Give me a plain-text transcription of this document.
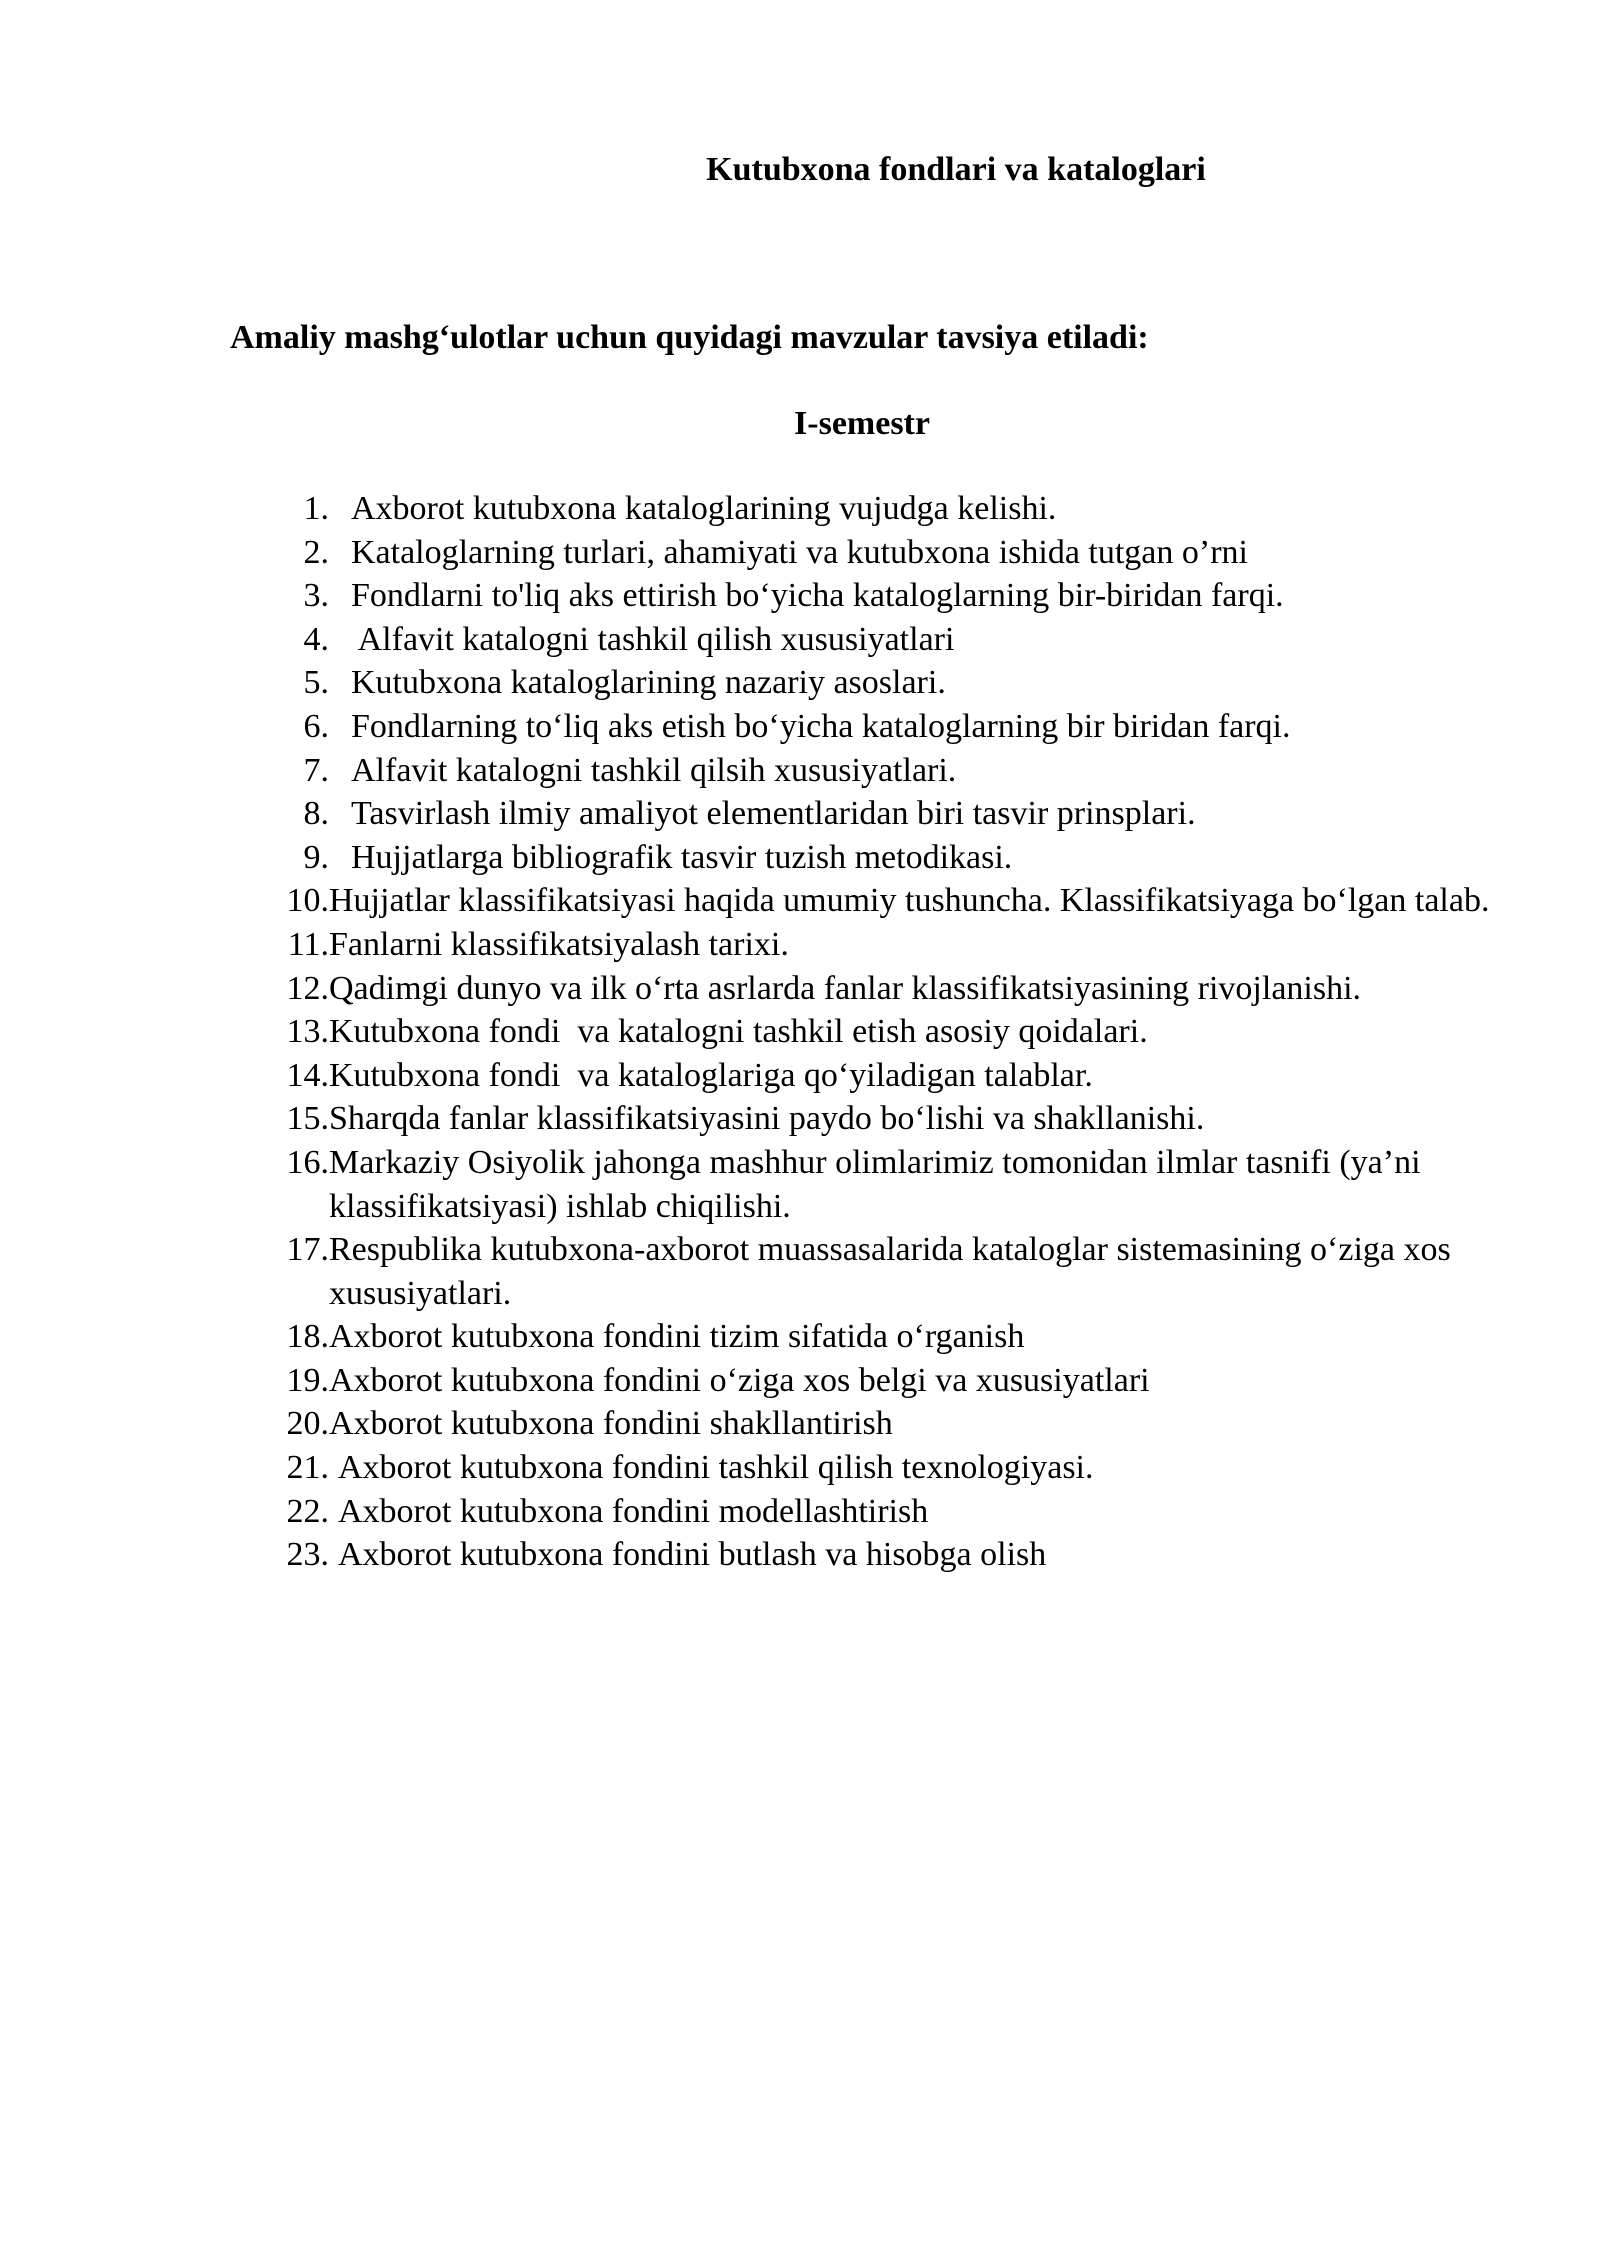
Kutubxona fondlari va kataloglari
Amaliy mashg‘ulotlar uchun quyidagi mavzular tavsiya etiladi:
I-semestr
1. Axborot kutubxona kataloglarining vujudga kelishi.
2. Kataloglarning turlari, ahamiyati va kutubxona ishida tutgan o’rni
3. Fondlarni to'liq aks ettirish bo‘yicha kataloglarning bir-biridan farqi.
4. Alfavit katalogni tashkil qilish xususiyatlari
5. Kutubxona kataloglarining nazariy asoslari.
6. Fondlarning to‘liq aks etish bo‘yicha kataloglarning bir biridan farqi.
7. Alfavit katalogni tashkil qilsih xususiyatlari.
8. Tasvirlash ilmiy amaliyot elementlaridan biri tasvir prinsplari.
9. Hujjatlarga bibliografik tasvir tuzish metodikasi.
10. Hujjatlar klassifikatsiyasi haqida umumiy tushuncha. Klassifikatsiyaga bo‘lgan talab.
11. Fanlarni klassifikatsiyalash tarixi.
12. Qadimgi dunyo va ilk o‘rta asrlarda fanlar klassifikatsiyasining rivojlanishi.
13. Kutubxona fondi  va katalogni tashkil etish asosiy qoidalari.
14. Kutubxona fondi  va kataloglariga qo‘yiladigan talablar.
15. Sharqda fanlar klassifikatsiyasini paydo bo‘lishi va shakllanishi.
16. Markaziy Osiyolik jahonga mashhur olimlarimiz tomonidan ilmlar tasnifi (ya’ni klassifikatsiyasi) ishlab chiqilishi.
17. Respublika kutubxona-axborot muassasalarida kataloglar sistemasining o‘ziga xos xususiyatlari.
18. Axborot kutubxona fondini tizim sifatida o‘rganish
19. Axborot kutubxona fondini o‘ziga xos belgi va xususiyatlari
20. Axborot kutubxona fondini shakllantirish
21. Axborot kutubxona fondini tashkil qilish texnologiyasi.
22. Axborot kutubxona fondini modellashtirish
23. Axborot kutubxona fondini butlash va hisobga olish
